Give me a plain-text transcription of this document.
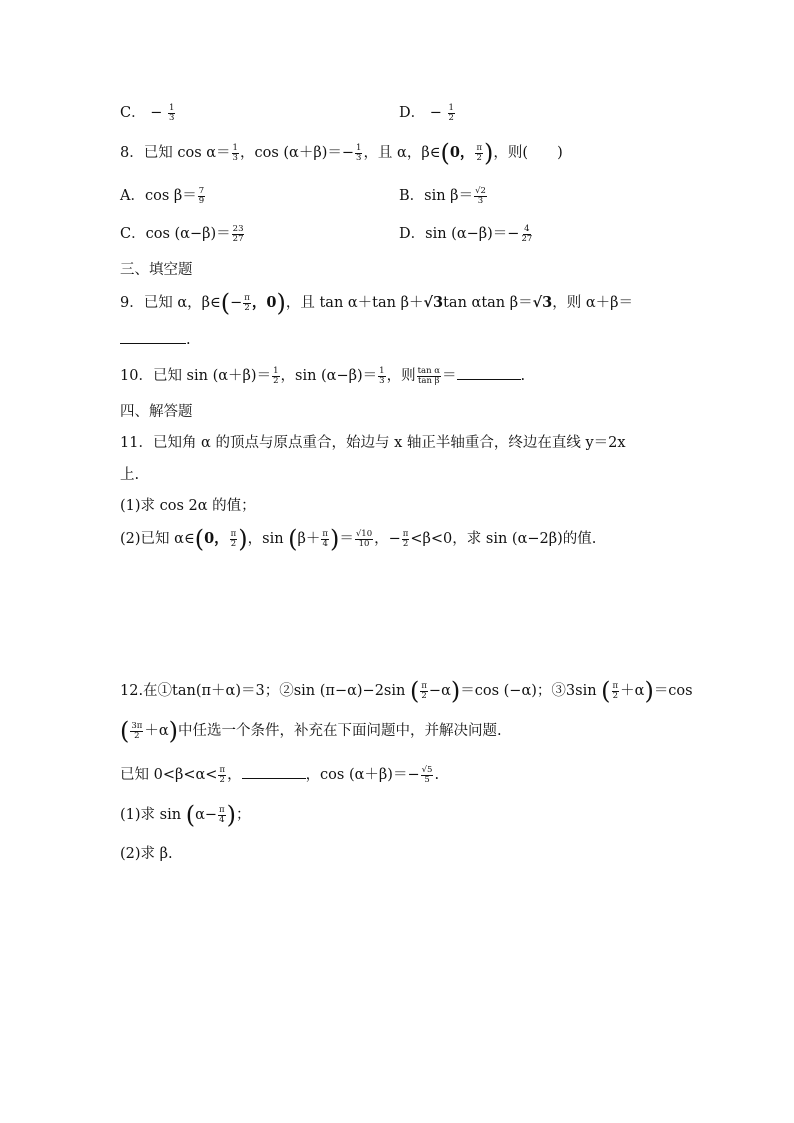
C． − $\frac{1}{3}$	D． − $\frac{1}{2}$
8．已知 $\cos \alpha= \frac{1}{3}$ ，$\cos (\alpha+\beta)=- \frac{1}{3}$ ，且 α，β∈(0， $\frac{\pi}{2}$ )，则(　　)
A．$\cos \beta= \frac{7}{9}$	B．$\sin \beta= \frac{√2}{3}$
C．$\cos (\alpha-\beta)= \frac{23}{27}$	D．$\sin (\alpha-\beta)=- \frac{4}{27}$
三、填空题
9．已知 α，β∈(− $\frac{\pi}{2}$ ，0)，且 tan α＋tan β＋√3tan αtan β＝√3，则 α＋β＝
.
10．已知 $\sin (\alpha+\beta)= \frac{1}{2}$ ，$\sin (\alpha-\beta)= \frac{1}{3}$ ，则 $\frac{\text{tan α}}{\text{tan β}}$ ＝	.
四、解答题
11．已知角 α 的顶点与原点重合，始边与 x 轴正半轴重合，终边在直线 y＝2x
上.
(1)求 cos 2α 的值；
(2)已知 α∈(0， $\frac{\pi}{2}$ )，$\sin (\beta+ \frac{\pi}{4}$ )＝ $\frac{√10}{10}$ ，− $\frac{\pi}{2} <\beta<0$，求 sin (α−2β)的值.
12.在①tan(π＋α)＝3；②sin (π−α)−2sin ( $\frac{\pi}{2} -\alpha)=\cos$ (−α)；③3sin ( $\frac{\pi}{2} +\alpha)=\cos$
( $\frac{3\pi}{2} +\alpha$)中任选一个条件，补充在下面问题中，并解决问题.
已知 $0<\beta<\alpha< \frac{\pi}{2}$ ，	，$\cos (\alpha+\beta)=- \frac{√5}{5}$ .
(1)求 $\sin (\alpha- \frac{\pi}{4}$ )；
(2)求 β.
